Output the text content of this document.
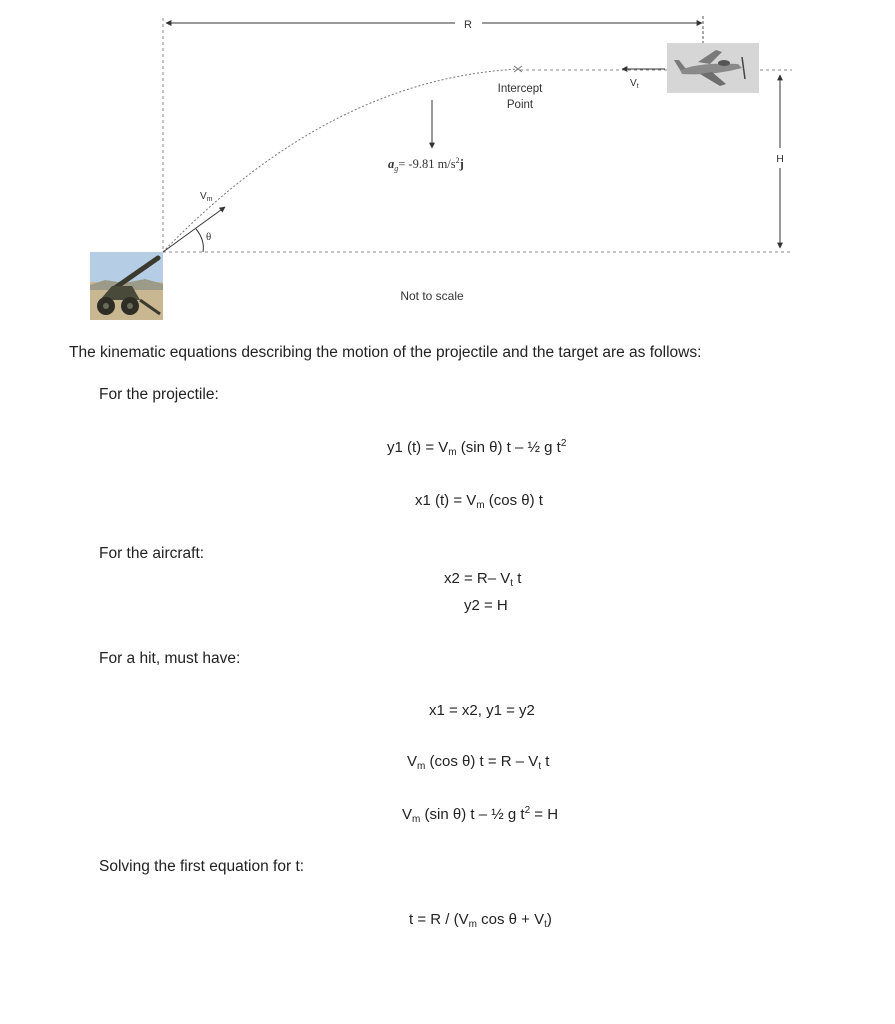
R
Intercept
Point
$a_g= -9.81$ $m/s^2j$
$V_t$
H
$V_m$
θ
Not to scale
The kinematic equations describing the motion of the projectile and the target are as follows:
For the projectile:
y1 $(t) = V_m$ (sin θ) t – ½ g $t^2$
x1 $(t) = V_m$ (cos θ) t
For the aircraft:
x2 = R– $V_t$ t
y2 = H
For a hit, must have:
x1 = x2, y1 = y2
$V_m$ (cos θ) $t = R - V_t$ t
$V_m$ (sin θ) t – ½ g $t^2 = H$
Solving the first equation for t:
$t = R / (V_m$ $\cos \theta + V_t$)
